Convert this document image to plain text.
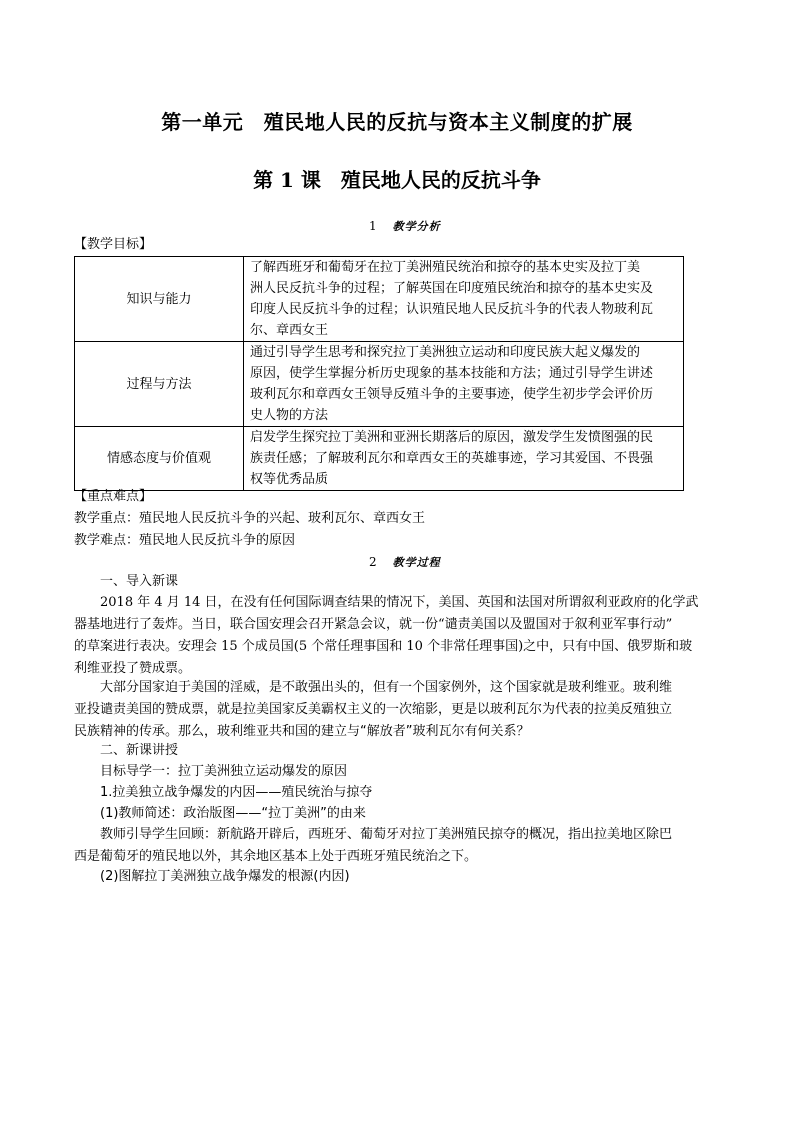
第一单元　殖民地人民的反抗与资本主义制度的扩展
第 1 课　殖民地人民的反抗斗争
1 教学分析
【教学目标】
知识与能力	了解西班牙和葡萄牙在拉丁美洲殖民统治和掠夺的基本史实及拉丁美
洲人民反抗斗争的过程；了解英国在印度殖民统治和掠夺的基本史实及
印度人民反抗斗争的过程；认识殖民地人民反抗斗争的代表人物玻利瓦
尔、章西女王

过程与方法	通过引导学生思考和探究拉丁美洲独立运动和印度民族大起义爆发的
原因，使学生掌握分析历史现象的基本技能和方法；通过引导学生讲述
玻利瓦尔和章西女王领导反殖斗争的主要事迹，使学生初步学会评价历
史人物的方法

情感态度与价值观	启发学生探究拉丁美洲和亚洲长期落后的原因，激发学生发愤图强的民
族责任感；了解玻利瓦尔和章西女王的英雄事迹，学习其爱国、不畏强
权等优秀品质
【重点难点】
教学重点：殖民地人民反抗斗争的兴起、玻利瓦尔、章西女王
教学难点：殖民地人民反抗斗争的原因
2 教学过程
一、导入新课
　　2018 年 4 月 14 日，在没有任何国际调查结果的情况下，美国、英国和法国对所谓叙利亚政府的化学武
器基地进行了轰炸。当日，联合国安理会召开紧急会议，就一份“谴责美国以及盟国对于叙利亚军事行动”
的草案进行表决。安理会 15 个成员国(5 个常任理事国和 10 个非常任理事国)之中，只有中国、俄罗斯和玻
利维亚投了赞成票。
　　大部分国家迫于美国的淫威，是不敢强出头的，但有一个国家例外，这个国家就是玻利维亚。玻利维
亚投谴责美国的赞成票，就是拉美国家反美霸权主义的一次缩影，更是以玻利瓦尔为代表的拉美反殖独立
民族精神的传承。那么，玻利维亚共和国的建立与“解放者”玻利瓦尔有何关系？
二、新课讲授
目标导学一：拉丁美洲独立运动爆发的原因
1.拉美独立战争爆发的内因——殖民统治与掠夺
(1)教师简述：政治版图——“拉丁美洲”的由来
　　教师引导学生回顾：新航路开辟后，西班牙、葡萄牙对拉丁美洲殖民掠夺的概况，指出拉美地区除巴
西是葡萄牙的殖民地以外，其余地区基本上处于西班牙殖民统治之下。
(2)图解拉丁美洲独立战争爆发的根源(内因)
